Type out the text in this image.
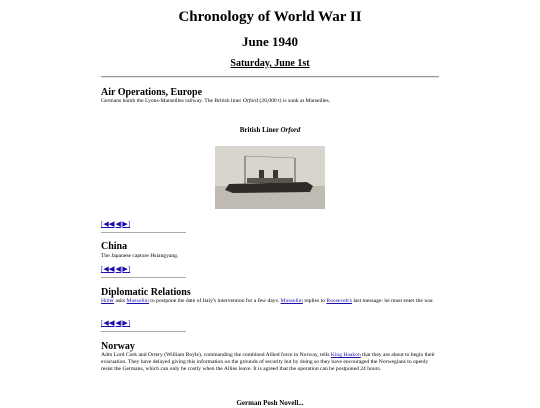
Chronology of World War II
June 1940
Saturday, June 1st
Air Operations, Europe
Germans bomb the Lyons-Marseilles railway. The British liner Orford (20,000 t) is sunk at Marseilles.
British Liner Orford
[◀◀|◀|▶]
China
The Japanese capture Hsiangyang.
[◀◀|◀|▶]
Diplomatic Relations
Hitler asks Mussolini to postpone the date of Italy's intervention for a few days. Mussolini replies to Roosevelt's last message: he must enter the war.
[◀◀|◀|▶]
Norway
Adm Lord Cork and Orrery (William Boyle), commanding the combined Allied force in Norway, tells King Haakon that they are about to begin their evacuation. They have delayed giving this information on the grounds of security but by doing so they have encouraged the Norwegians to openly resist the Germans, which can only be costly when the Allies leave. It is agreed that the operation can be postponed 24 hours.
German Posh Novell...
